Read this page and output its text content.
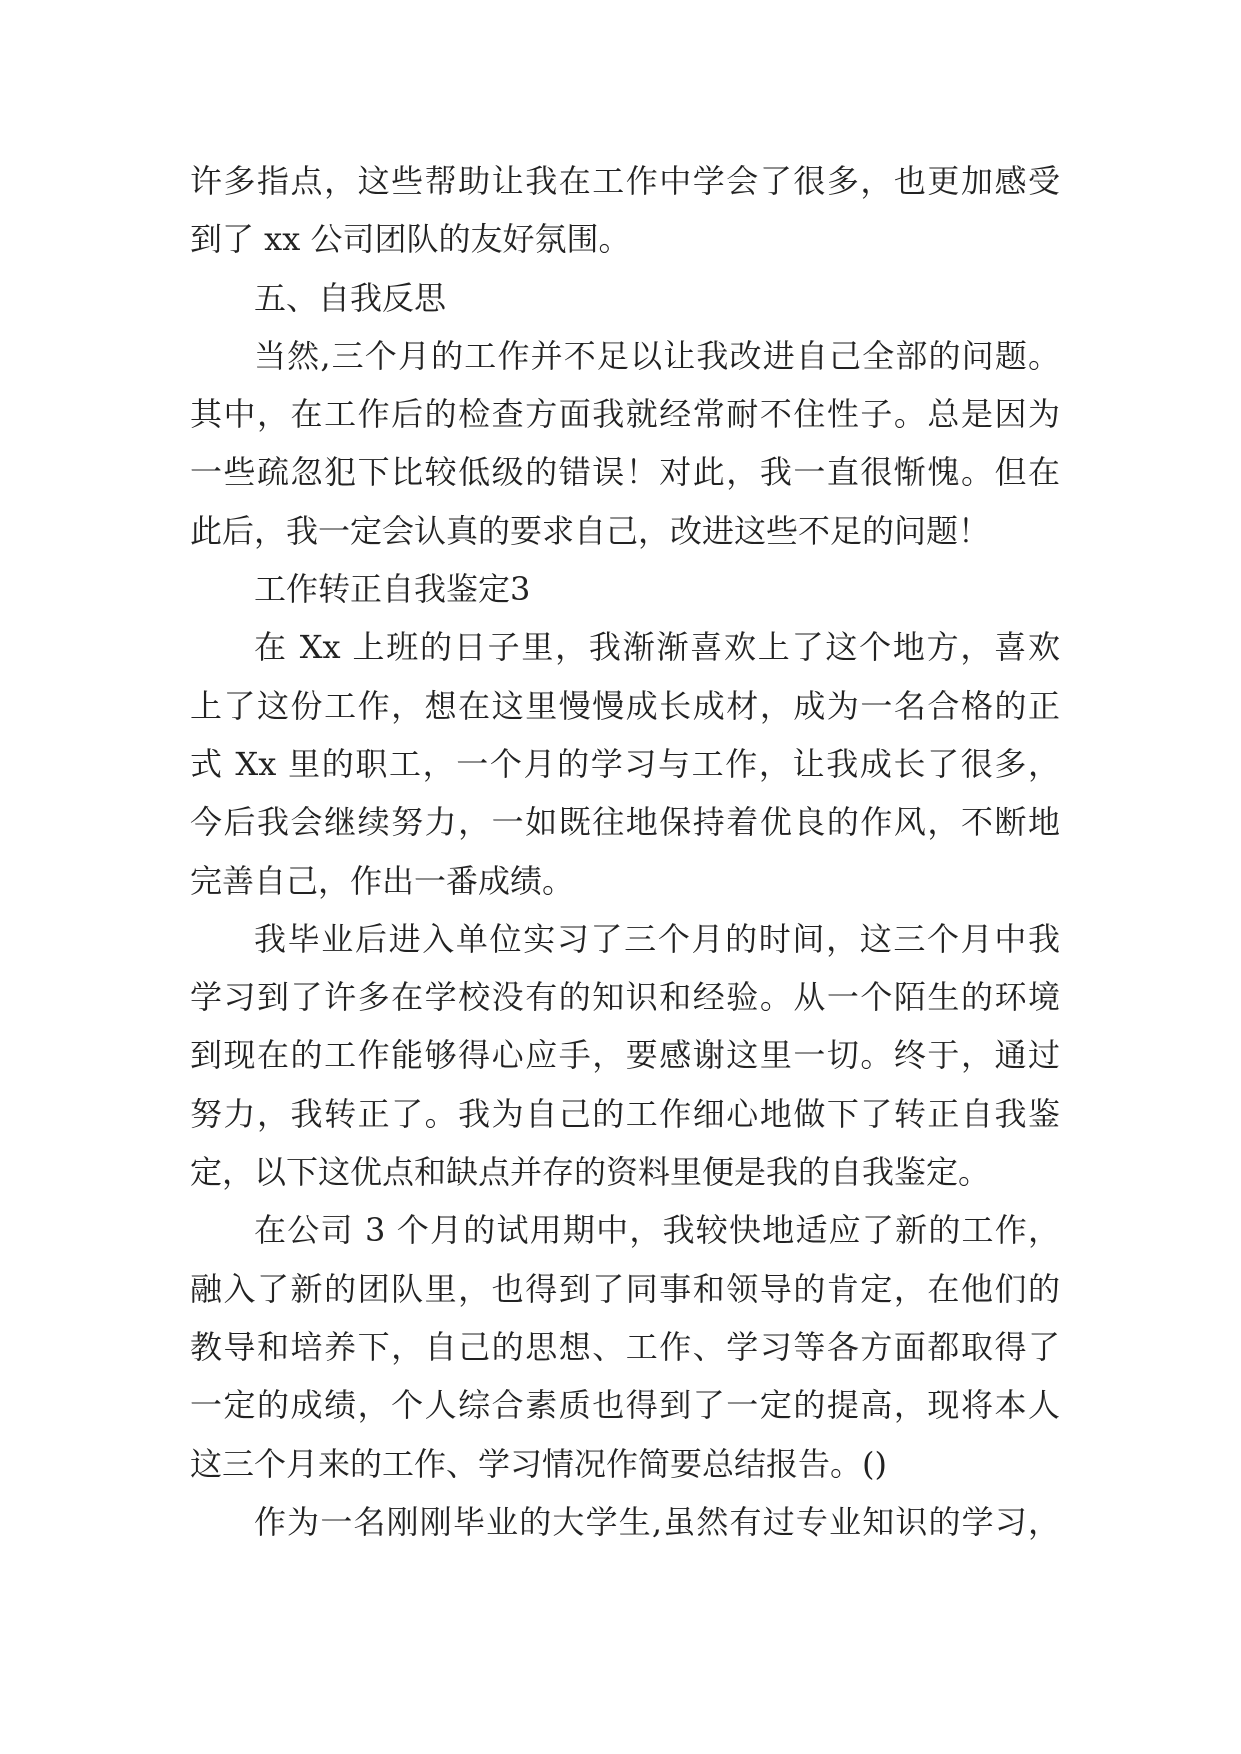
许多指点，这些帮助让我在工作中学会了很多，也更加感受
到了 xx 公司团队的友好氛围。
五、自我反思
当然,三个月的工作并不足以让我改进自己全部的问题。
其中，在工作后的检查方面我就经常耐不住性子。总是因为
一些疏忽犯下比较低级的错误！对此，我一直很惭愧。但在
此后，我一定会认真的要求自己，改进这些不足的问题！
工作转正自我鉴定3
在 Xx 上班的日子里，我渐渐喜欢上了这个地方，喜欢
上了这份工作，想在这里慢慢成长成材，成为一名合格的正
式 Xx 里的职工，一个月的学习与工作，让我成长了很多，
今后我会继续努力，一如既往地保持着优良的作风，不断地
完善自己，作出一番成绩。
我毕业后进入单位实习了三个月的时间，这三个月中我
学习到了许多在学校没有的知识和经验。从一个陌生的环境
到现在的工作能够得心应手，要感谢这里一切。终于，通过
努力，我转正了。我为自己的工作细心地做下了转正自我鉴
定，以下这优点和缺点并存的资料里便是我的自我鉴定。
在公司 3 个月的试用期中，我较快地适应了新的工作，
融入了新的团队里，也得到了同事和领导的肯定，在他们的
教导和培养下，自己的思想、工作、学习等各方面都取得了
一定的成绩，个人综合素质也得到了一定的提高，现将本人
这三个月来的工作、学习情况作简要总结报告。()
作为一名刚刚毕业的大学生,虽然有过专业知识的学习，
